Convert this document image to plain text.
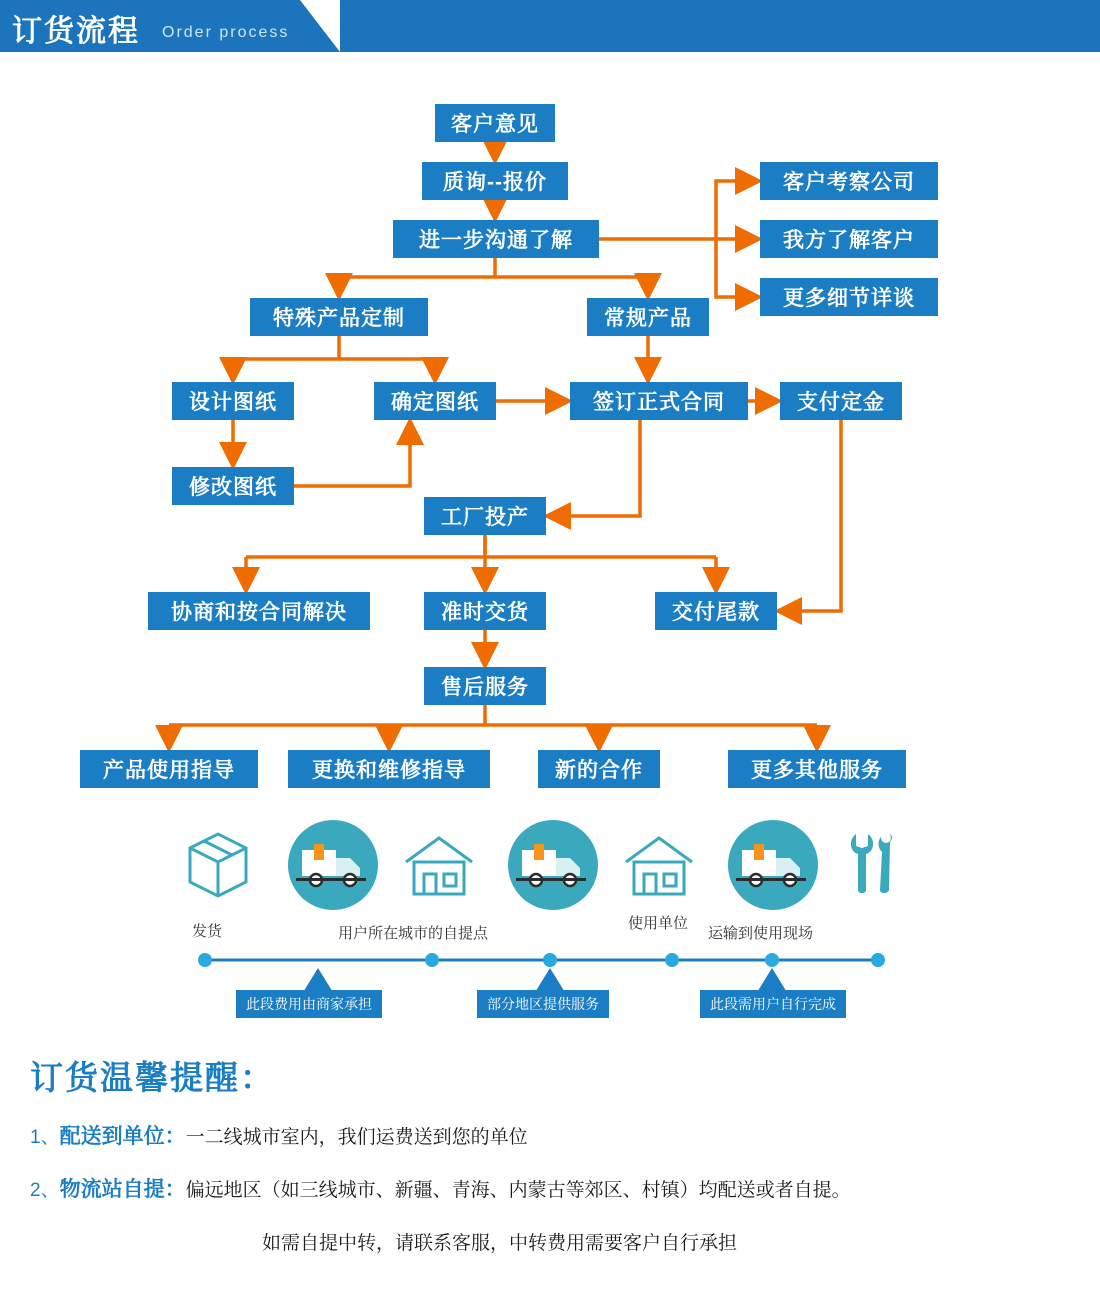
订货流程 Order process
客户意见
质询--报价
进一步沟通了解
客户考察公司
我方了解客户
更多细节详谈
特殊产品定制	常规产品
设计图纸	确定图纸	签订正式合同	支付定金
修改图纸
工厂投产
协商和按合同解决	准时交货	交付尾款
售后服务
产品使用指导	更换和维修指导	新的合作	更多其他服务
发货	用户所在城市的自提点
使用单位
运输到使用现场
此段费用由商家承担	部分地区提供服务	此段需用户自行完成
订货温馨提醒：
1、配送到单位：一二线城市室内，我们运费送到您的单位
2、物流站自提：偏远地区（如三线城市、新疆、青海、内蒙古等郊区、村镇）均配送或者自提。
如需自提中转，请联系客服，中转费用需要客户自行承担
